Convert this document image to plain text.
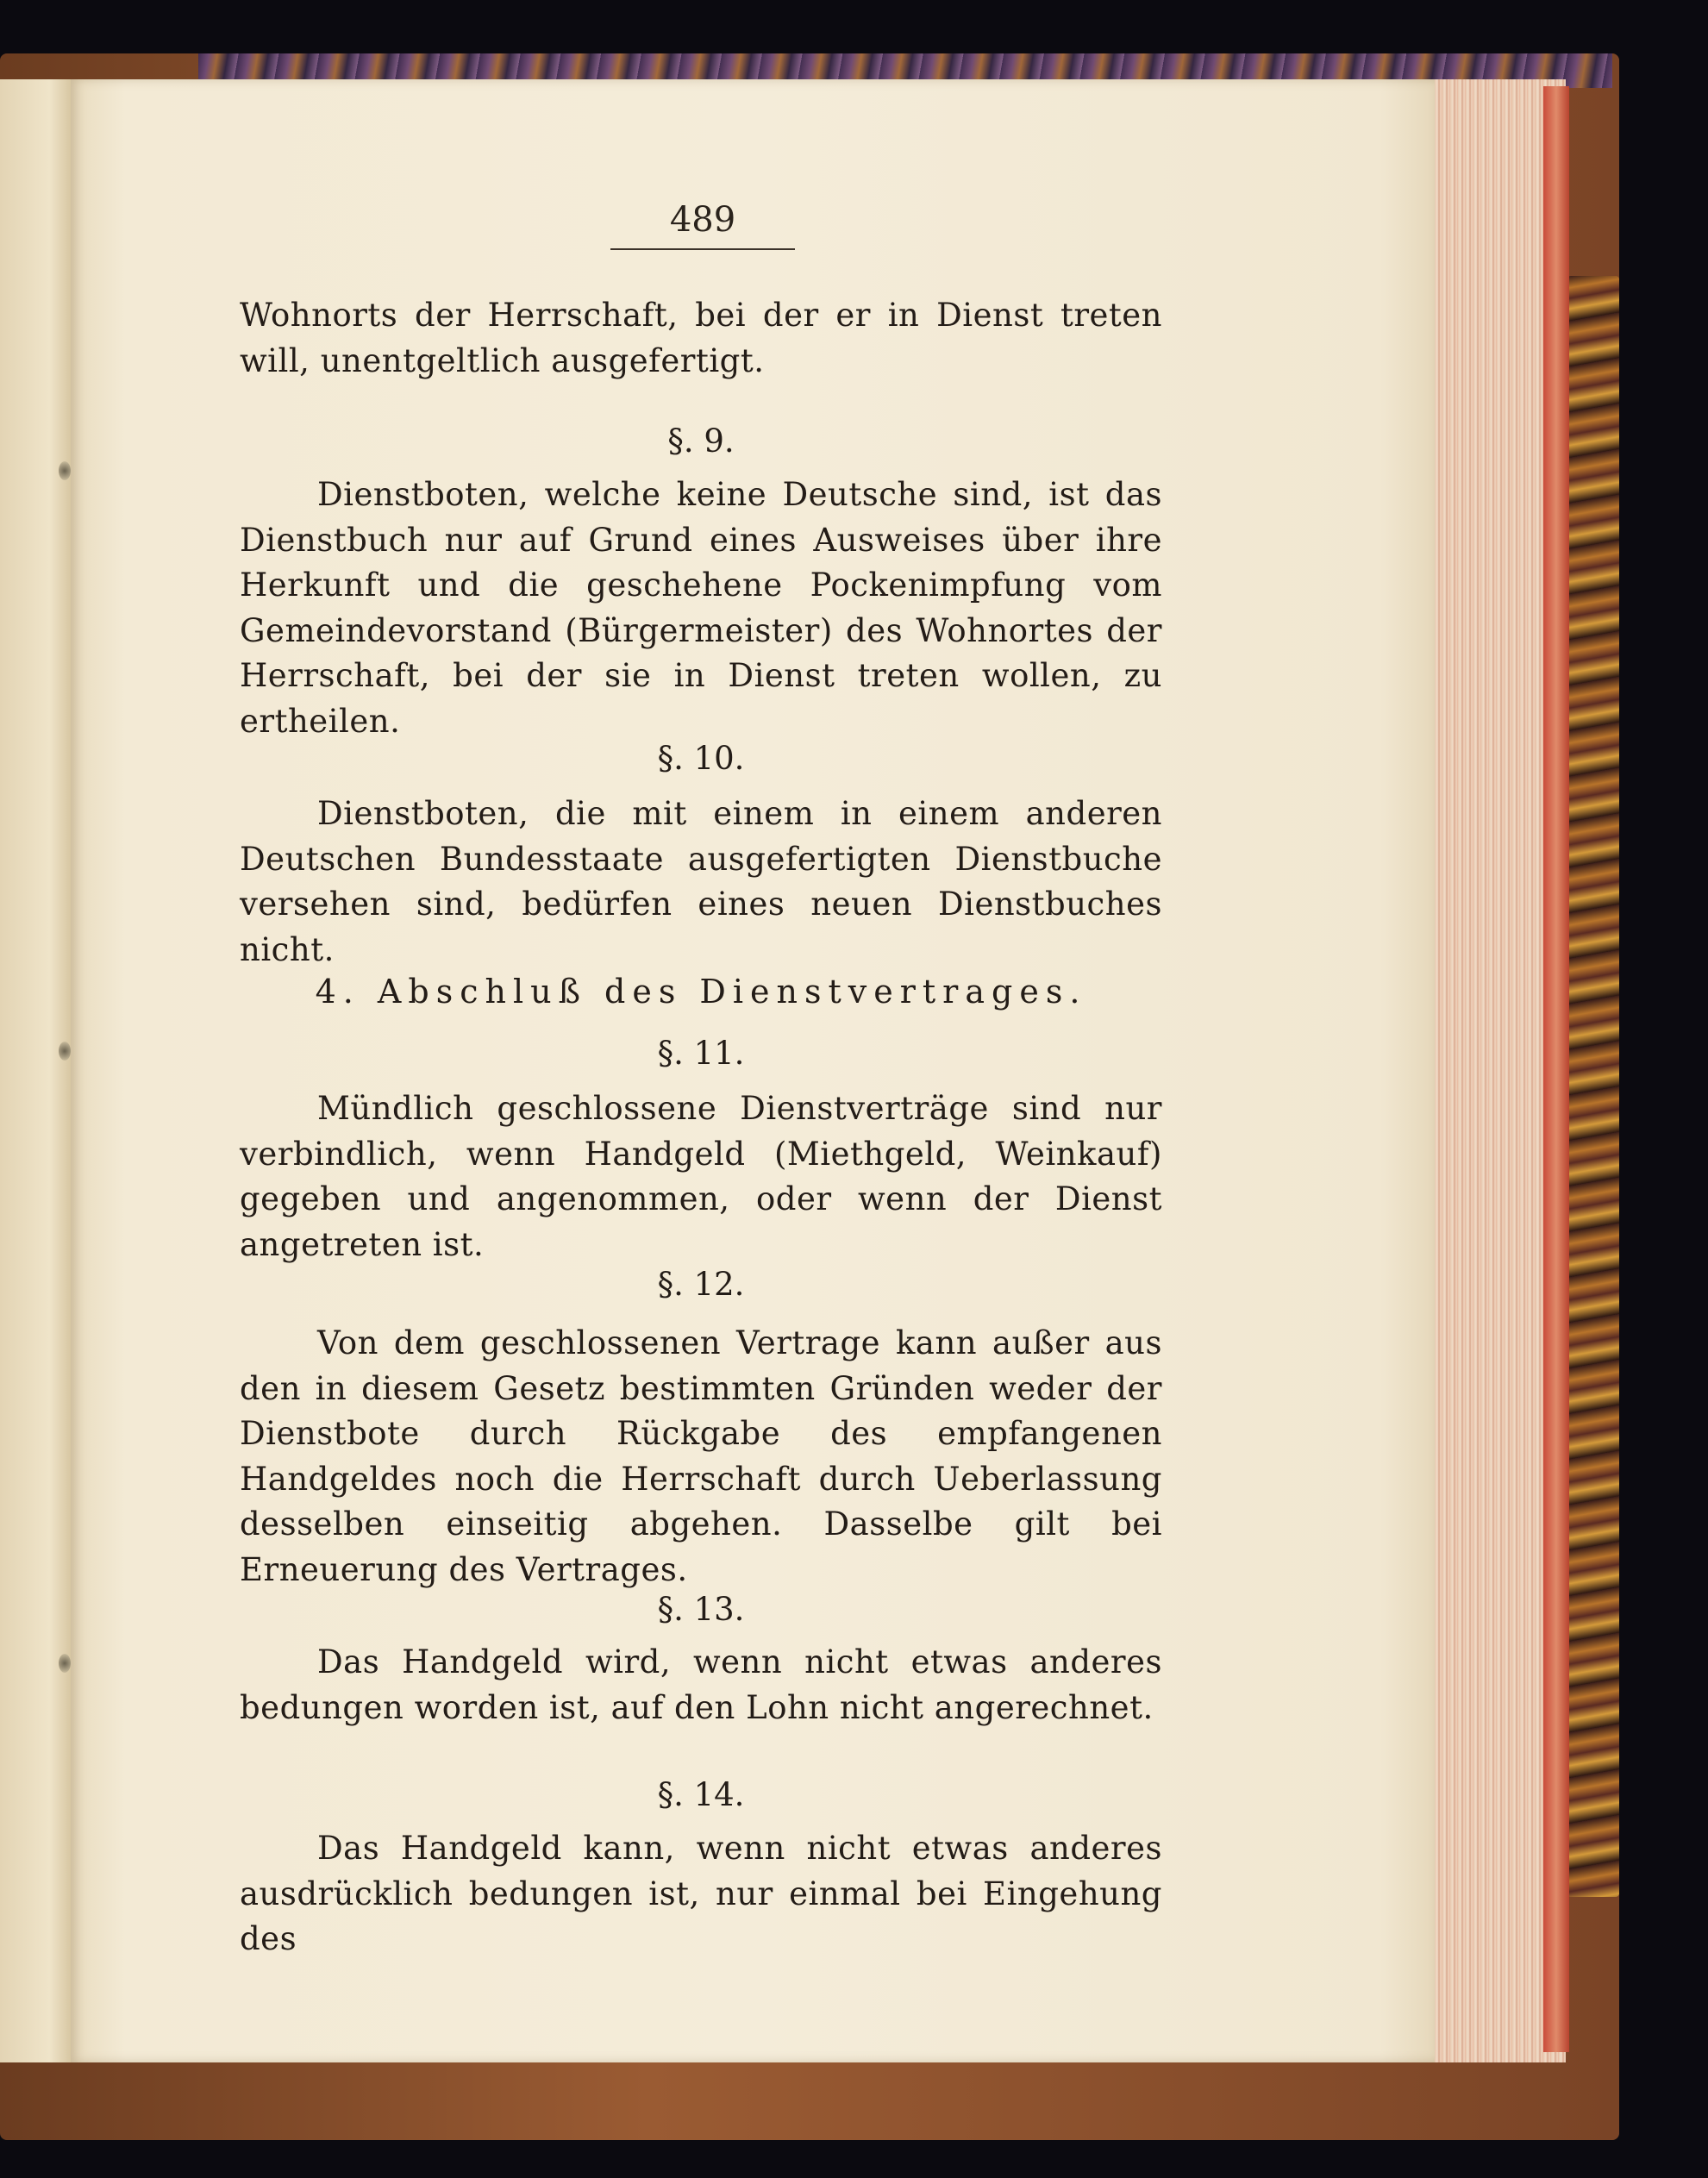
489
Wohnorts der Herrschaft, bei der er in Dienst treten will, unentgeltlich ausgefertigt.
§. 9.
Dienstboten, welche keine Deutsche sind, ist das Dienstbuch nur auf Grund eines Ausweises über ihre Herkunft und die geschehene Pockenimpfung vom Gemeindevorstand (Bürgermeister) des Wohnortes der Herrschaft, bei der sie in Dienst treten wollen, zu ertheilen.
§. 10.
Dienstboten, die mit einem in einem anderen Deutschen Bundesstaate ausgefertigten Dienstbuche versehen sind, bedürfen eines neuen Dienstbuches nicht.
4. Abschluß des Dienstvertrages.
§. 11.
Mündlich geschlossene Dienstverträge sind nur verbindlich, wenn Handgeld (Miethgeld, Weinkauf) gegeben und angenommen, oder wenn der Dienst angetreten ist.
§. 12.
Von dem geschlossenen Vertrage kann außer aus den in diesem Gesetz bestimmten Gründen weder der Dienstbote durch Rückgabe des empfangenen Handgeldes noch die Herrschaft durch Ueberlassung desselben einseitig abgehen. Dasselbe gilt bei Erneuerung des Vertrages.
§. 13.
Das Handgeld wird, wenn nicht etwas anderes bedungen worden ist, auf den Lohn nicht angerechnet.
§. 14.
Das Handgeld kann, wenn nicht etwas anderes ausdrücklich bedungen ist, nur einmal bei Eingehung des
